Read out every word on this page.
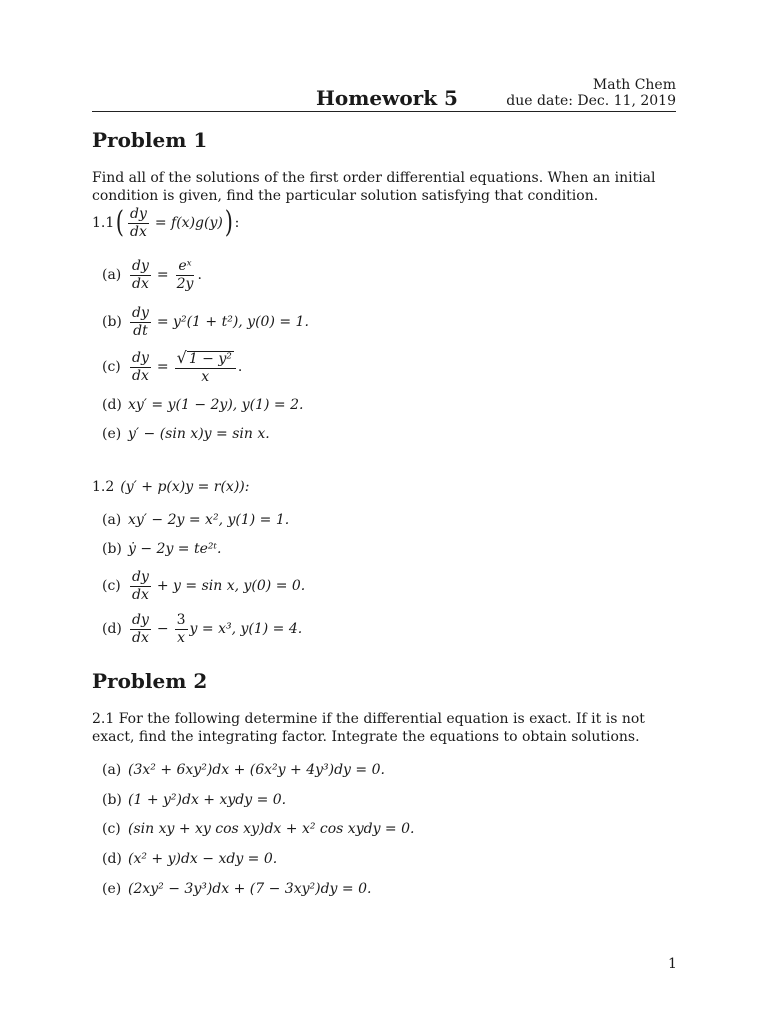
Math Chem
Homework 5	due date: Dec. 11, 2019
Problem 1
Find all of the solutions of the first order differential equations. When an initial condition is given, find the particular solution satisfying that condition.
1.1 ( $\frac{dy}{dx} = f(x)g(y)$ ) :
$(a) \frac{dy}{dx} = \frac{\text{eˣ}}{2y}$ .
$(b) \frac{dy}{dt} = y^2(1 + t^2)$, y(0) = 1.
$(c) \frac{dy}{dx} = \frac{\text{√ 1 − y²}}{x}$ .
(d) xy′ = y(1 − 2y), y(1) = 2.
(e) y′ − (sin x)y = sin x.
1.2 (y′ + p(x)y = r(x)):
(a) xy′ − 2y = x², y(1) = 1.
(b) ẏ − 2y = te²ᵗ.
$(c) \frac{dy}{dx} + y = \sin x$, y(0) = 0.
$(d) \frac{dy}{dx} - \frac{3}{x}$ y = x³, y(1) = 4.
Problem 2
2.1 For the following determine if the differential equation is exact. If it is not exact, find the integrating factor. Integrate the equations to obtain solutions.
(a) (3x² + 6xy²)dx + (6x²y + 4y³)dy = 0.
(b) (1 + y²)dx + xydy = 0.
(c) (sin xy + xy cos xy)dx + x² cos xydy = 0.
(d) (x² + y)dx − xdy = 0.
(e) (2xy² − 3y³)dx + (7 − 3xy²)dy = 0.
1
